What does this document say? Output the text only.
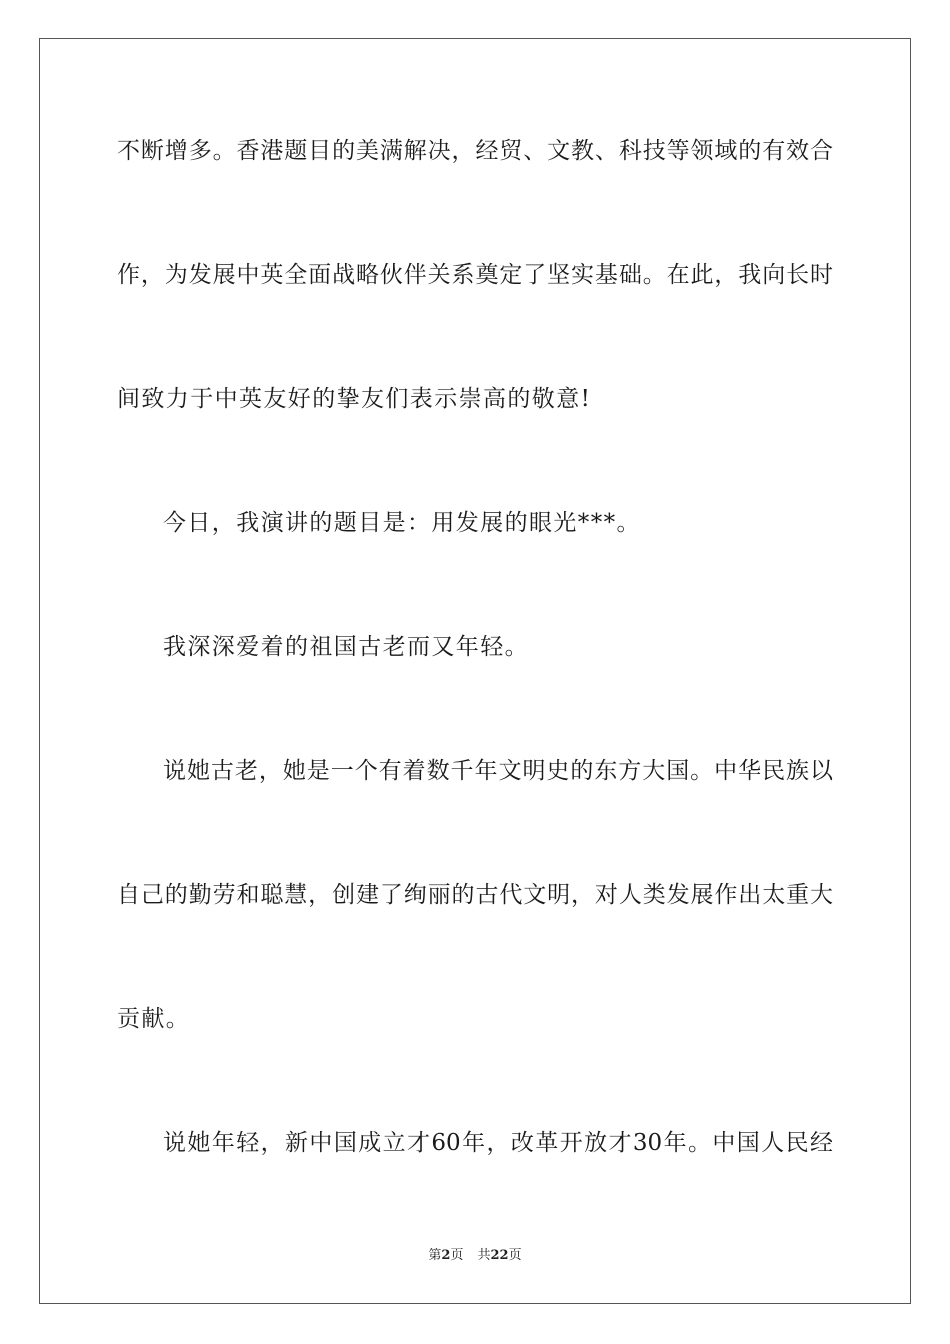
不断增多。香港题目的美满解决，经贸、文教、科技等领域的有效合
作，为发展中英全面战略伙伴关系奠定了坚实基础。在此，我向长时
间致力于中英友好的挚友们表示崇高的敬意!
今日，我演讲的题目是：用发展的眼光***。
我深深爱着的祖国古老而又年轻。
说她古老，她是一个有着数千年文明史的东方大国。中华民族以
自己的勤劳和聪慧，创建了绚丽的古代文明，对人类发展作出太重大
贡献。
说她年轻，新中国成立才60年，改革开放才30年。中国人民经
第2页 共22页
